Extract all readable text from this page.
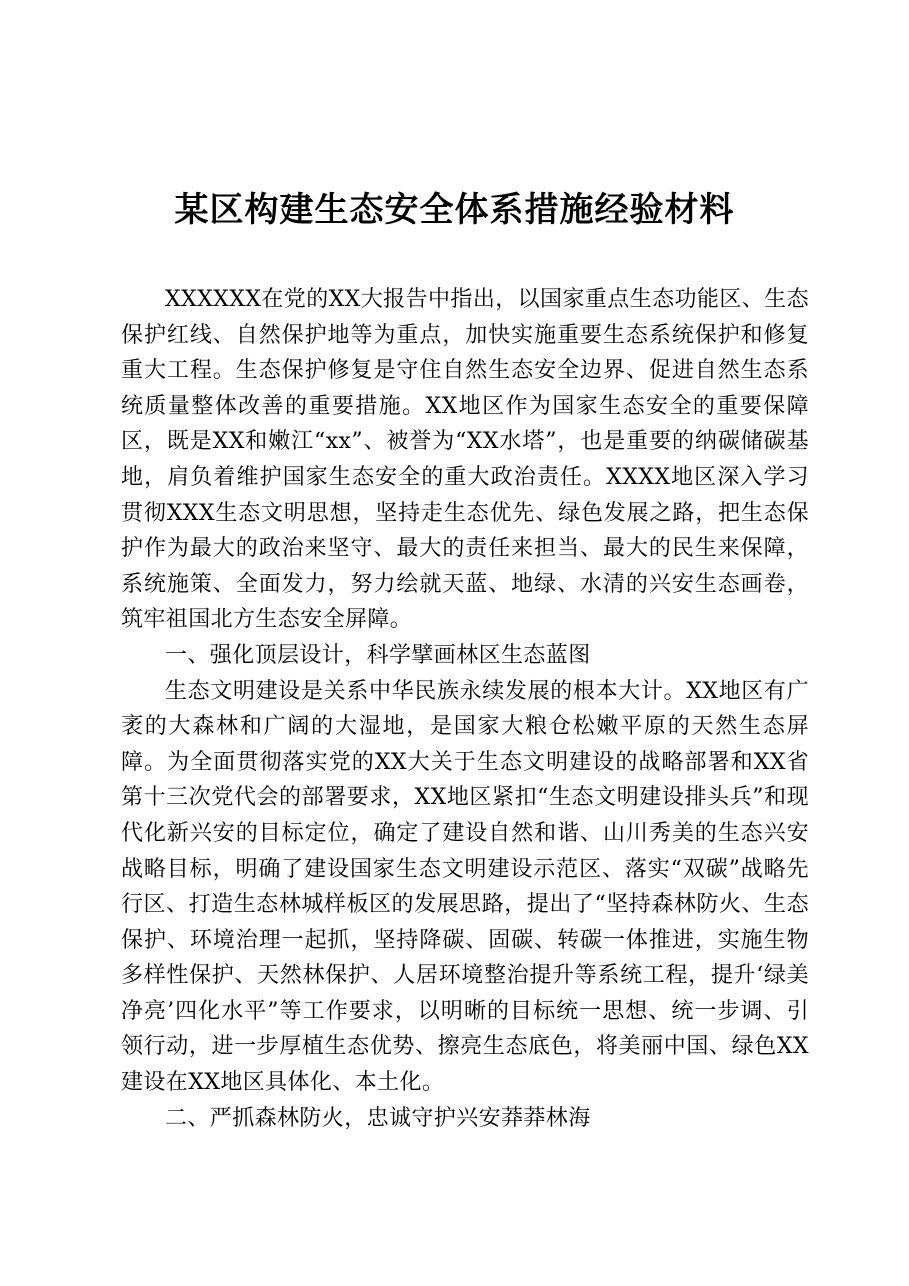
某区构建生态安全体系措施经验材料

XXXXXX在党的XX大报告中指出，以国家重点生态功能区、生态保护红线、自然保护地等为重点，加快实施重要生态系统保护和修复重大工程。生态保护修复是守住自然生态安全边界、促进自然生态系统质量整体改善的重要措施。XX地区作为国家生态安全的重要保障区，既是XX和嫩江“xx”、被誉为“XX水塔”，也是重要的纳碳储碳基地，肩负着维护国家生态安全的重大政治责任。XXXX地区深入学习贯彻XXX生态文明思想，坚持走生态优先、绿色发展之路，把生态保护作为最大的政治来坚守、最大的责任来担当、最大的民生来保障，系统施策、全面发力，努力绘就天蓝、地绿、水清的兴安生态画卷，筑牢祖国北方生态安全屏障。

一、强化顶层设计，科学擘画林区生态蓝图

生态文明建设是关系中华民族永续发展的根本大计。XX地区有广袤的大森林和广阔的大湿地，是国家大粮仓松嫩平原的天然生态屏障。为全面贯彻落实党的XX大关于生态文明建设的战略部署和XX省第十三次党代会的部署要求，XX地区紧扣“生态文明建设排头兵”和现代化新兴安的目标定位，确定了建设自然和谐、山川秀美的生态兴安战略目标，明确了建设国家生态文明建设示范区、落实“双碳”战略先行区、打造生态林城样板区的发展思路，提出了“坚持森林防火、生态保护、环境治理一起抓，坚持降碳、固碳、转碳一体推进，实施生物多样性保护、天然林保护、人居环境整治提升等系统工程，提升‘绿美净亮’四化水平”等工作要求，以明晰的目标统一思想、统一步调、引领行动，进一步厚植生态优势、擦亮生态底色，将美丽中国、绿色XX建设在XX地区具体化、本土化。

二、严抓森林防火，忠诚守护兴安莽莽林海
